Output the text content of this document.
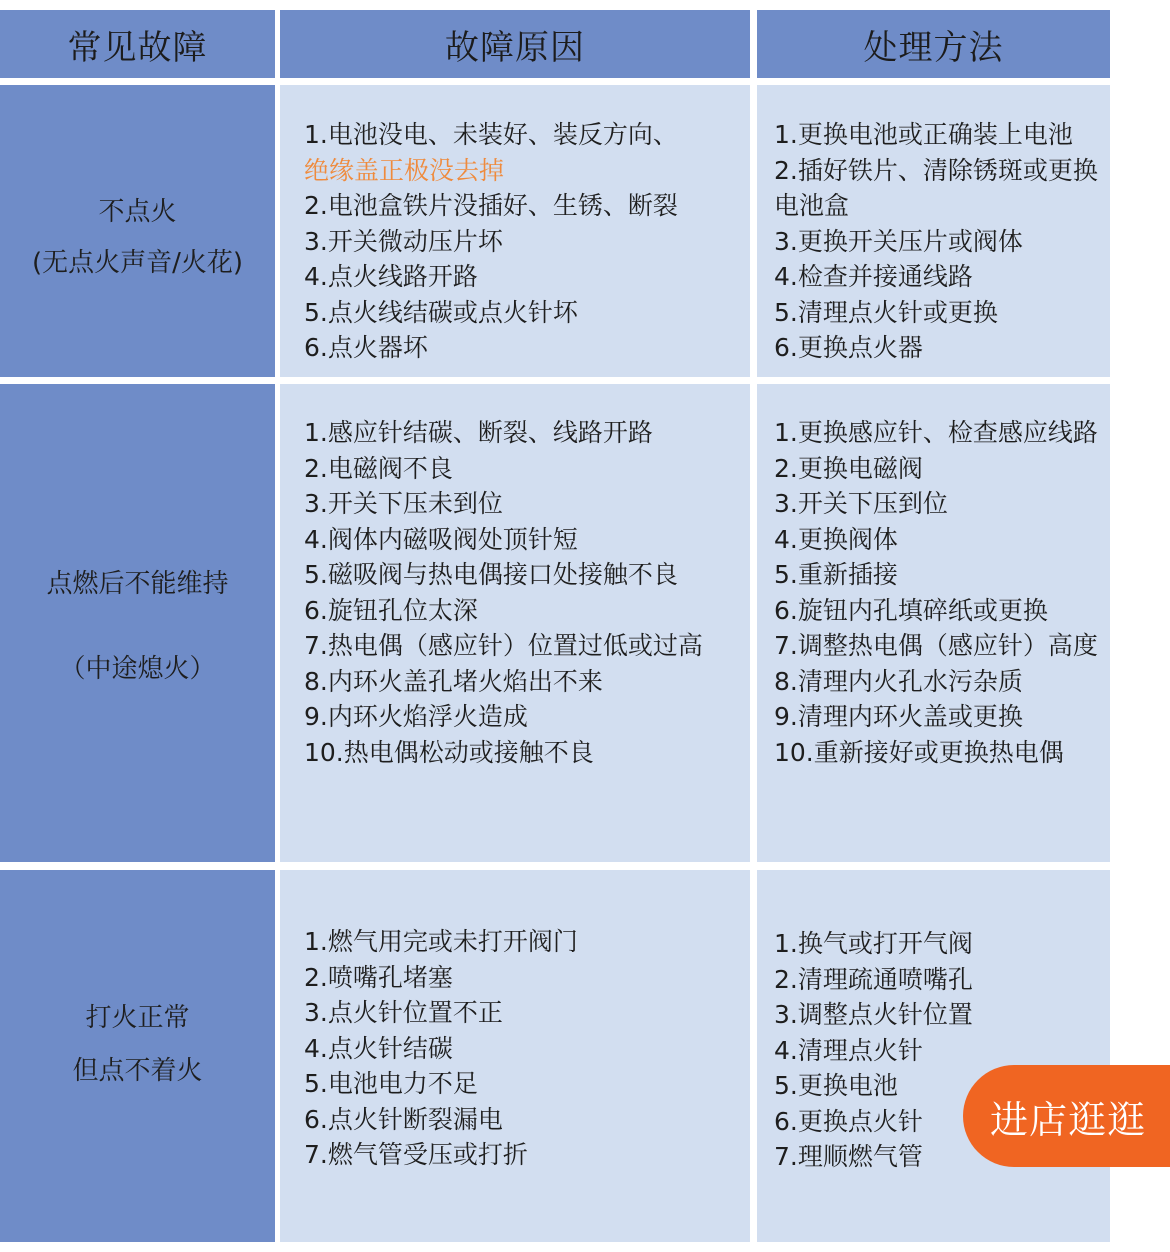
常见故障	故障原因	处理方法
不点火
(无点火声音/火花)
1.电池没电、未装好、装反方向、
绝缘盖正极没去掉
2.电池盒铁片没插好、生锈、断裂
3.开关微动压片坏
4.点火线路开路
5.点火线结碳或点火针坏
6.点火器坏
1.更换电池或正确装上电池
2.插好铁片、清除锈斑或更换电池盒
3.更换开关压片或阀体
4.检查并接通线路
5.清理点火针或更换
6.更换点火器
点燃后不能维持
（中途熄火）
1.感应针结碳、断裂、线路开路
2.电磁阀不良
3.开关下压未到位
4.阀体内磁吸阀处顶针短
5.磁吸阀与热电偶接口处接触不良
6.旋钮孔位太深
7.热电偶（感应针）位置过低或过高
8.内环火盖孔堵火焰出不来
9.内环火焰浮火造成
10.热电偶松动或接触不良
1.更换感应针、检查感应线路
2.更换电磁阀
3.开关下压到位
4.更换阀体
5.重新插接
6.旋钮内孔填碎纸或更换
7.调整热电偶（感应针）高度
8.清理内火孔水污杂质
9.清理内环火盖或更换
10.重新接好或更换热电偶
打火正常
但点不着火
1.燃气用完或未打开阀门
2.喷嘴孔堵塞
3.点火针位置不正
4.点火针结碳
5.电池电力不足
6.点火针断裂漏电
7.燃气管受压或打折
1.换气或打开气阀
2.清理疏通喷嘴孔
3.调整点火针位置
4.清理点火针
5.更换电池
6.更换点火针
7.理顺燃气管
进店逛逛
